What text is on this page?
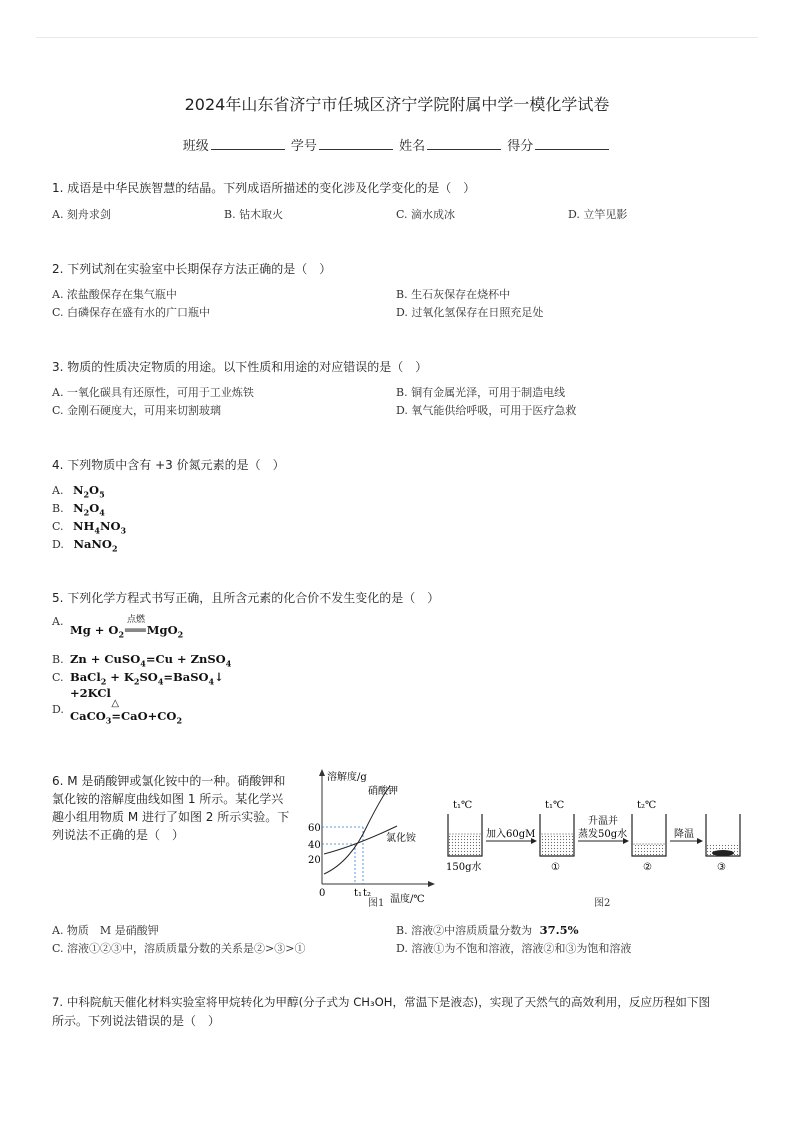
2024年山东省济宁市任城区济宁学院附属中学一模化学试卷
班级	学号	姓名	得分
1. 成语是中华民族智慧的结晶。下列成语所描述的变化涉及化学变化的是（　）
A. 刻舟求剑	B. 钻木取火	C. 滴水成冰	D. 立竿见影
2. 下列试剂在实验室中长期保存方法正确的是（　）
A. 浓盐酸保存在集气瓶中	B. 生石灰保存在烧杯中
C. 白磷保存在盛有水的广口瓶中	D. 过氧化氢保存在日照充足处
3. 物质的性质决定物质的用途。以下性质和用途的对应错误的是（　）
A. 一氧化碳具有还原性，可用于工业炼铁	B. 铜有金属光泽，可用于制造电线
C. 金刚石硬度大，可用来切割玻璃	D. 氧气能供给呼吸，可用于医疗急救
4. 下列物质中含有 +3 价氮元素的是（　）
A. $N_2O_5$
B. $N_2O_4$
C. $NH_4NO_3$
D. NaNO$_2$
5. 下列化学方程式书写正确，且所含元素的化合价不发生变化的是（　）
A.
$Mg + O_2$
点燃
═══MgO$_2$
B. Zn + CuSO$_4$=Cu + ZnSO$_4$
C. BaCl$_2$ + $K_2SO_4=BaSO_4↓$
+2KCl
D. CaCO$_3$
△
$=CaO+CO_2$
6. M 是硝酸钾或氯化铵中的一种。硝酸钾和
氯化铵的溶解度曲线如图 1 所示。某化学兴
趣小组用物质 M 进行了如图 2 所示实验。下
列说法不正确的是（　）
溶解度/g
温度/℃
60
40
20
0	t₁ t₂
硝酸钾
氯化铵
图1
t₁℃	t₁℃	t₂℃
加入60gM
升温并
蒸发50g水	降温
150g水	①	②	③
图2
A. 物质　M 是硝酸钾	B. 溶液②中溶质质量分数为 37.5%
C. 溶液①②③中，溶质质量分数的关系是②>③>①	D. 溶液①为不饱和溶液，溶液②和③为饱和溶液
7. 中科院航天催化材料实验室将甲烷转化为甲醇(分子式为 CH₃OH，常温下是液态)，实现了天然气的高效利用，反应历程如下图
所示。下列说法错误的是（　）
